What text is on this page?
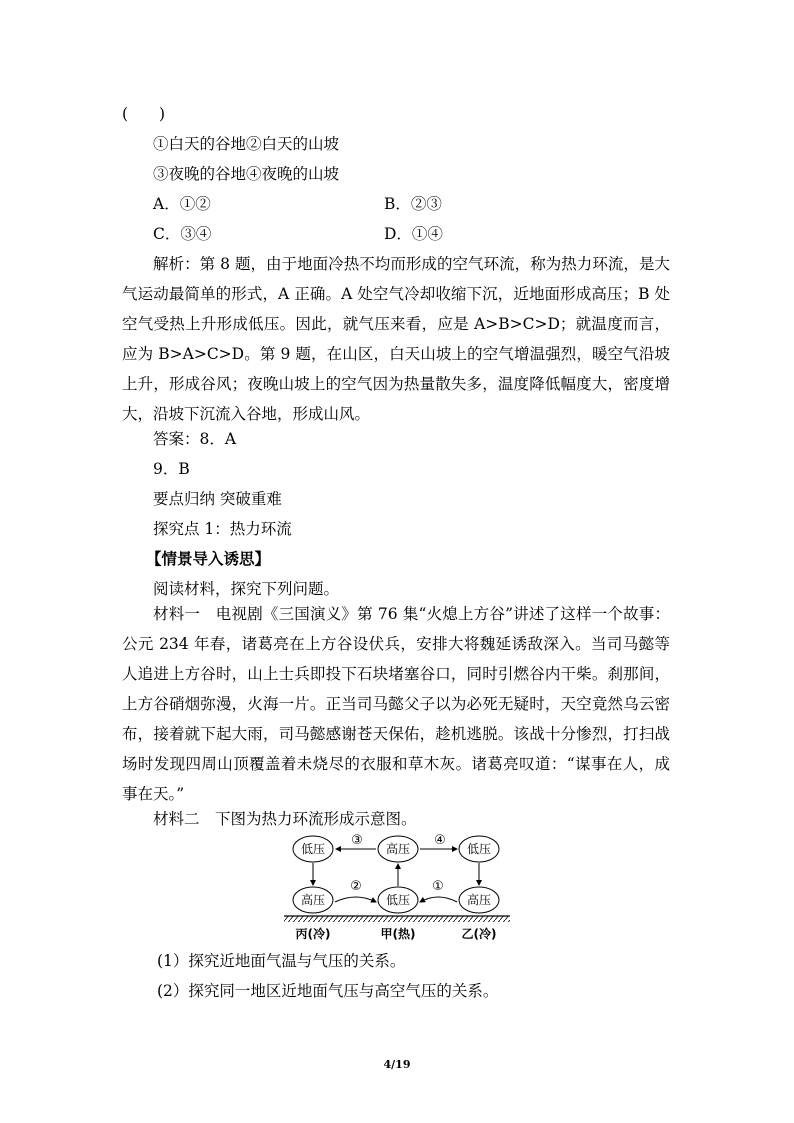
(　　)
①白天的谷地②白天的山坡
③夜晚的谷地④夜晚的山坡
A．①②	B．②③
C．③④	D．①④
解析：第 8 题，由于地面冷热不均而形成的空气环流，称为热力环流，是大气运动最简单的形式，A 正确。A 处空气冷却收缩下沉，近地面形成高压；B 处空气受热上升形成低压。因此，就气压来看，应是 A>B>C>D；就温度而言，应为 B>A>C>D。第 9 题，在山区，白天山坡上的空气增温强烈，暖空气沿坡上升，形成谷风；夜晚山坡上的空气因为热量散失多，温度降低幅度大，密度增大，沿坡下沉流入谷地，形成山风。
答案：8．A
9．B
要点归纳 突破重难
探究点 1：热力环流
【情景导入诱思】
阅读材料，探究下列问题。
材料一　电视剧《三国演义》第 76 集“火熄上方谷”讲述了这样一个故事：公元 234 年春，诸葛亮在上方谷设伏兵，安排大将魏延诱敌深入。当司马懿等人追进上方谷时，山上士兵即投下石块堵塞谷口，同时引燃谷内干柴。刹那间，上方谷硝烟弥漫，火海一片。正当司马懿父子以为必死无疑时，天空竟然乌云密布，接着就下起大雨，司马懿感谢苍天保佑，趁机逃脱。该战十分惨烈，打扫战场时发现四周山顶覆盖着未烧尽的衣服和草木灰。诸葛亮叹道：“谋事在人，成事在天。”
材料二　下图为热力环流形成示意图。
低压	高压	低压
高压	低压	高压
③	④
②	①
丙(冷)	甲(热)	乙(冷)
(1）探究近地面气温与气压的关系。
(2）探究同一地区近地面气压与高空气压的关系。
4/19
